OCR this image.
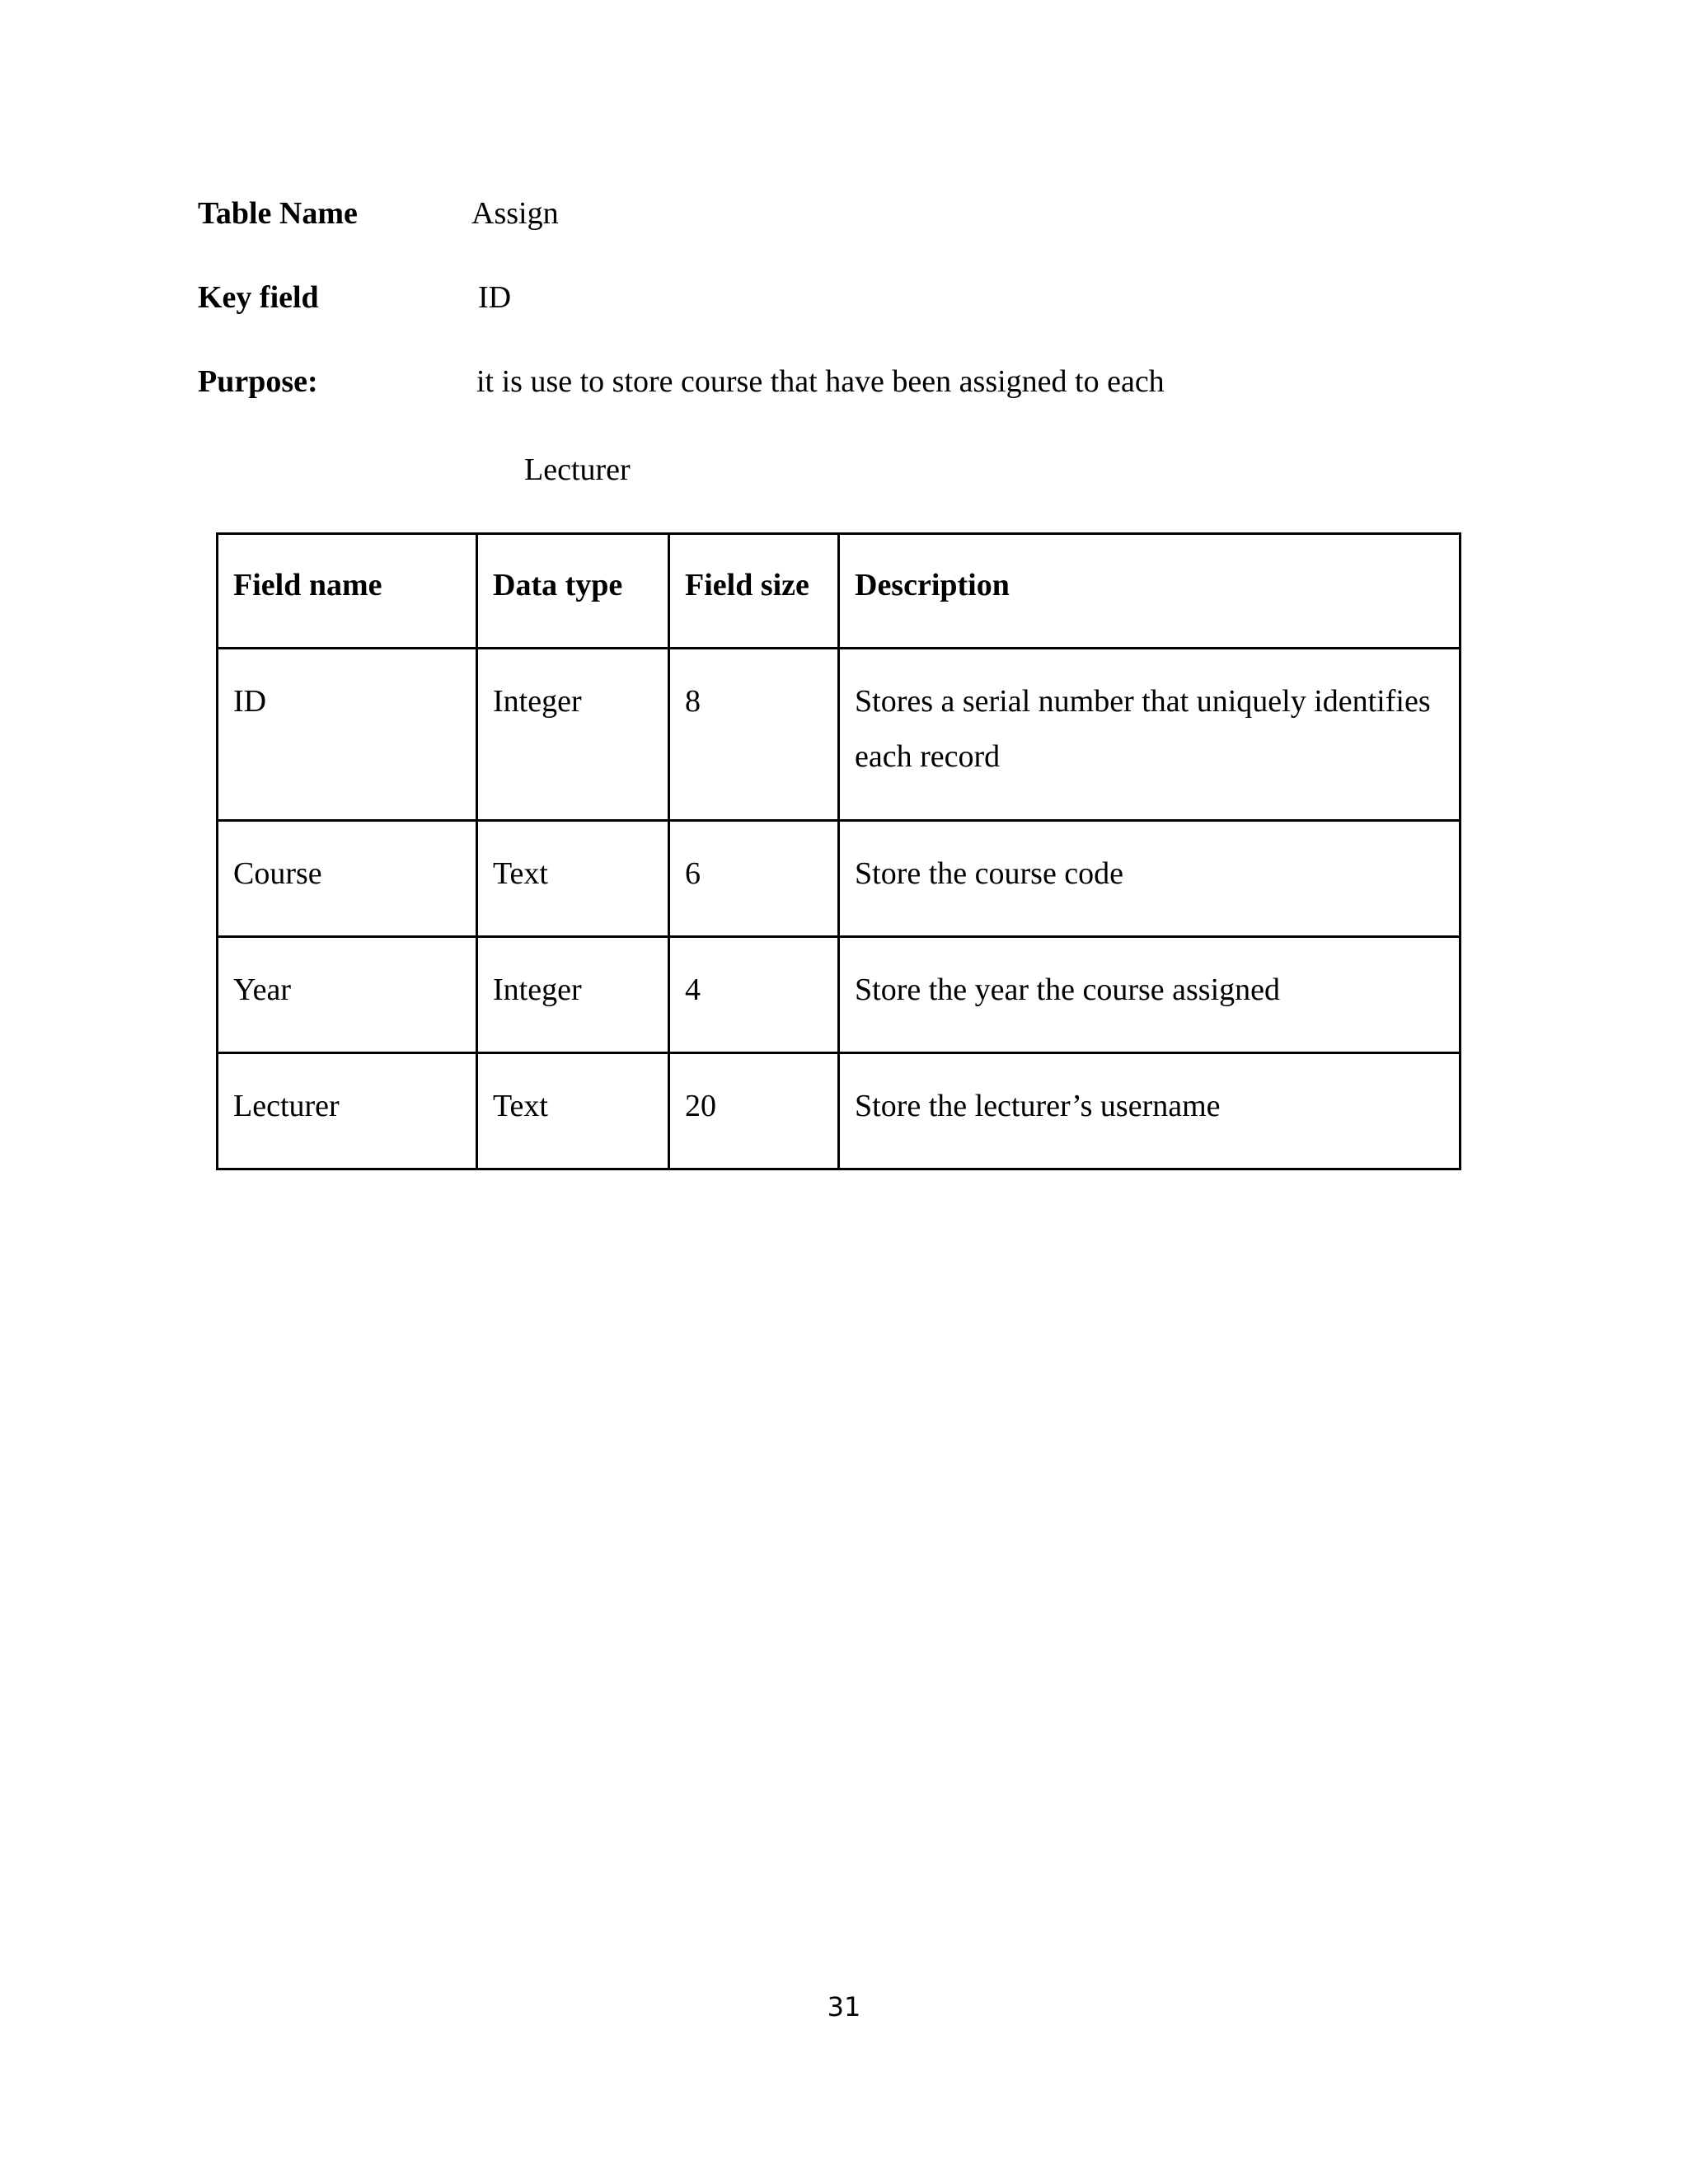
Table Name	Assign
Key field	ID
Purpose:	it is use to store course that have been assigned to each
Lecturer
Field name	Data type	Field size	Description
ID	Integer	8	Stores a serial number that uniquely identifies each record
Course	Text	6	Store the course code
Year	Integer	4	Store the year the course assigned
Lecturer	Text	20	Store the lecturer’s username
31
